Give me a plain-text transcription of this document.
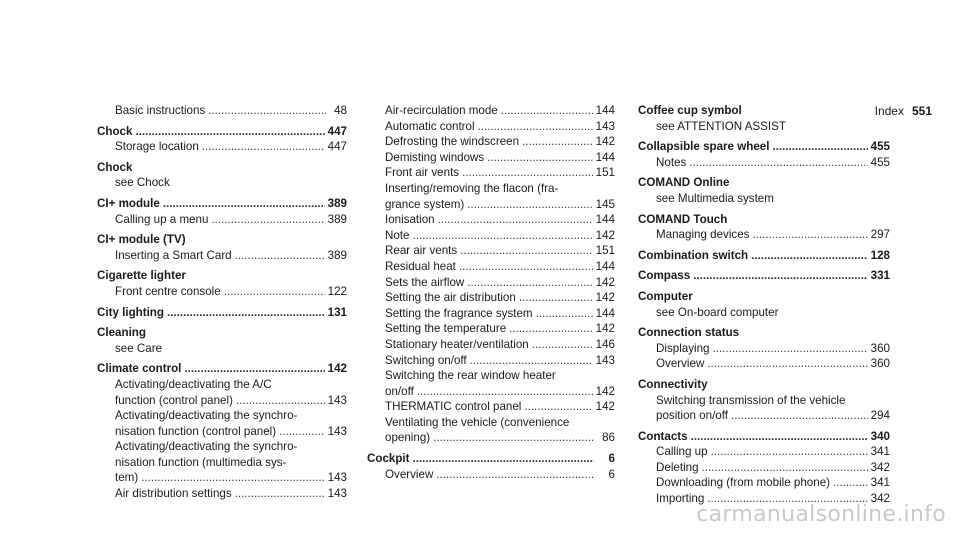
Index 551
Basic instructions .....	48
Chock .....	447
Storage location .....	447
Chock
see Chock
CI+ module .....	389
Calling up a menu .....	389
CI+ module (TV)
Inserting a Smart Card .....	389
Cigarette lighter
Front centre console .....	122
City lighting .....	131
Cleaning
see Care
Climate control .....	142
Activating/deactivating the A/C
function (control panel) .....	143
Activating/deactivating the synchro-
nisation function (control panel) .....	143
Activating/deactivating the synchro-
nisation function (multimedia sys-
tem) .....	143
Air distribution settings .....	143
Air-recirculation mode .....	144
Automatic control .....	143
Defrosting the windscreen .....	142
Demisting windows .....	144
Front air vents .....	151
Inserting/removing the flacon (fra-
grance system) .....	145
Ionisation .....	144
Note .....	142
Rear air vents .....	151
Residual heat .....	144
Sets the airflow .....	142
Setting the air distribution .....	142
Setting the fragrance system .....	144
Setting the temperature .....	142
Stationary heater/ventilation .....	146
Switching on/off .....	143
Switching the rear window heater
on/off .....	142
THERMATIC control panel .....	142
Ventilating the vehicle (convenience
opening) .....	86
Cockpit .....	6
Overview .....	6
Coffee cup symbol
see ATTENTION ASSIST
Collapsible spare wheel .....	455
Notes .....	455
COMAND Online
see Multimedia system
COMAND Touch
Managing devices .....	297
Combination switch .....	128
Compass .....	331
Computer
see On-board computer
Connection status
Displaying .....	360
Overview .....	360
Connectivity
Switching transmission of the vehicle
position on/off .....	294
Contacts .....	340
Calling up .....	341
Deleting .....	342
Downloading (from mobile phone) .....	341
Importing .....	342
carmanualsonline.info
